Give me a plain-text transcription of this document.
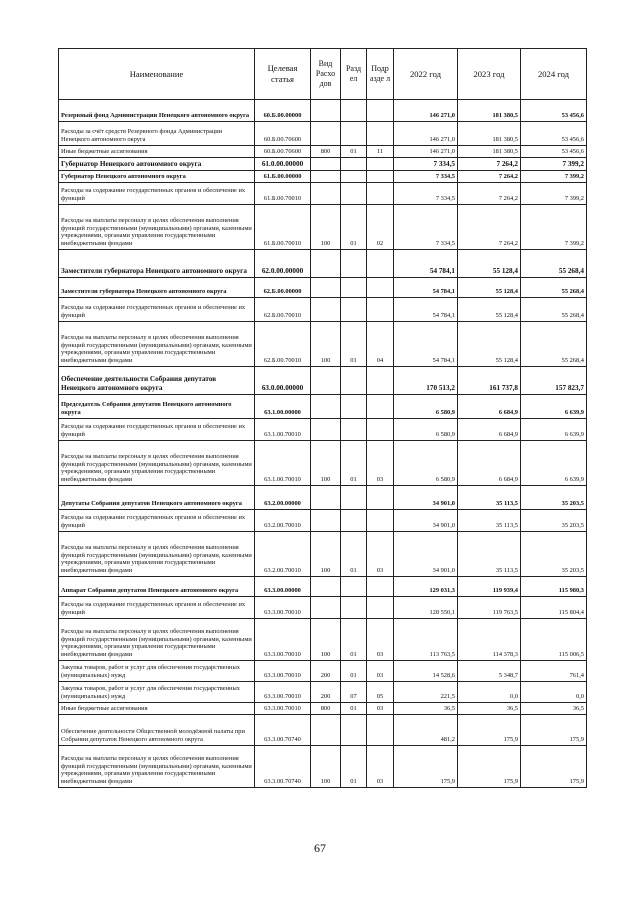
Наименование	Целевая статья	Вид Расхо дов	Разд ел	Подр азде л	2022 год	2023 год	2024 год
Резервный фонд Администрации Ненецкого автономного округа	60.Б.00.00000				146 271,0	181 380,5	53 456,6
Расходы за счёт средств Резервного фонда Администрации Ненецкого автономного округа	60.Б.00.70600				146 271,0	181 380,5	53 456,6
Иные бюджетные ассигнования	60.Б.00.70600	800	01	11	146 271,0	181 380,5	53 456,6
Губернатор Ненецкого автономного округа	61.0.00.00000				7 334,5	7 264,2	7 399,2
Губернатор Ненецкого автономного округа	61.Б.00.00000				7 334,5	7 264,2	7 399,2
Расходы на содержание государственных органов и обеспечение их функций	61.Б.00.70010				7 334,5	7 264,2	7 399,2
Расходы на выплаты персоналу в целях обеспечения выполнения функций государственными (муниципальными) органами, казенными учреждениями, органами управления государственными внебюджетными фондами	61.Б.00.70010	100	01	02	7 334,5	7 264,2	7 399,2
Заместители губернатора Ненецкого автономного округа	62.0.00.00000				54 784,1	55 128,4	55 268,4
Заместители губернатора Ненецкого автономного округа	62.Б.00.00000				54 784,1	55 128,4	55 268,4
Расходы на содержание государственных органов и обеспечение их функций	62.Б.00.70010				54 784,1	55 128,4	55 268,4
Расходы на выплаты персоналу в целях обеспечения выполнения функций государственными (муниципальными) органами, казенными учреждениями, органами управления государственными внебюджетными фондами	62.Б.00.70010	100	01	04	54 784,1	55 128,4	55 268,4
Обеспечение деятельности Собрания депутатов Ненецкого автономного округа	63.0.00.00000				170 513,2	161 737,8	157 823,7
Председатель Собрания депутатов Ненецкого автономного округа	63.1.00.00000				6 580,9	6 684,9	6 639,9
Расходы на содержание государственных органов и обеспечение их функций	63.1.00.70010				6 580,9	6 684,9	6 639,9
Расходы на выплаты персоналу в целях обеспечения выполнения функций государственными (муниципальными) органами, казенными учреждениями, органами управления государственными внебюджетными фондами	63.1.00.70010	100	01	03	6 580,9	6 684,9	6 639,9
Депутаты Собрания депутатов Ненецкого автономного округа	63.2.00.00000				34 901,0	35 113,5	35 203,5
Расходы на содержание государственных органов и обеспечение их функций	63.2.00.70010				34 901,0	35 113,5	35 203,5
Расходы на выплаты персоналу в целях обеспечения выполнения функций государственными (муниципальными) органами, казенными учреждениями, органами управления государственными внебюджетными фондами	63.2.00.70010	100	01	03	34 901,0	35 113,5	35 203,5
Аппарат Собрания депутатов Ненецкого автономного округа	63.3.00.00000				129 031,3	119 939,4	115 980,3
Расходы на содержание государственных органов и обеспечение их функций	63.3.00.70010				128 550,1	119 763,5	115 804,4
Расходы на выплаты персоналу в целях обеспечения выполнения функций государственными (муниципальными) органами, казенными учреждениями, органами управления государственными внебюджетными фондами	63.3.00.70010	100	01	03	113 763,5	114 378,3	115 006,5
Закупка товаров, работ и услуг для обеспечения государственных (муниципальных) нужд	63.3.00.70010	200	01	03	14 528,6	5 348,7	761,4
Закупка товаров, работ и услуг для обеспечения государственных (муниципальных) нужд	63.3.00.70010	200	07	05	221,5	0,0	0,0
Иные бюджетные ассигнования	63.3.00.70010	800	01	03	36,5	36,5	36,5
Обеспечение деятельности Общественной молодёжной палаты при Собрании депутатов Ненецкого автономного округа	63.3.00.70740				481,2	175,9	175,9
Расходы на выплаты персоналу в целях обеспечения выполнения функций государственными (муниципальными) органами, казенными учреждениями, органами управления государственными внебюджетными фондами	63.3.00.70740	100	01	03	175,9	175,9	175,9
67
